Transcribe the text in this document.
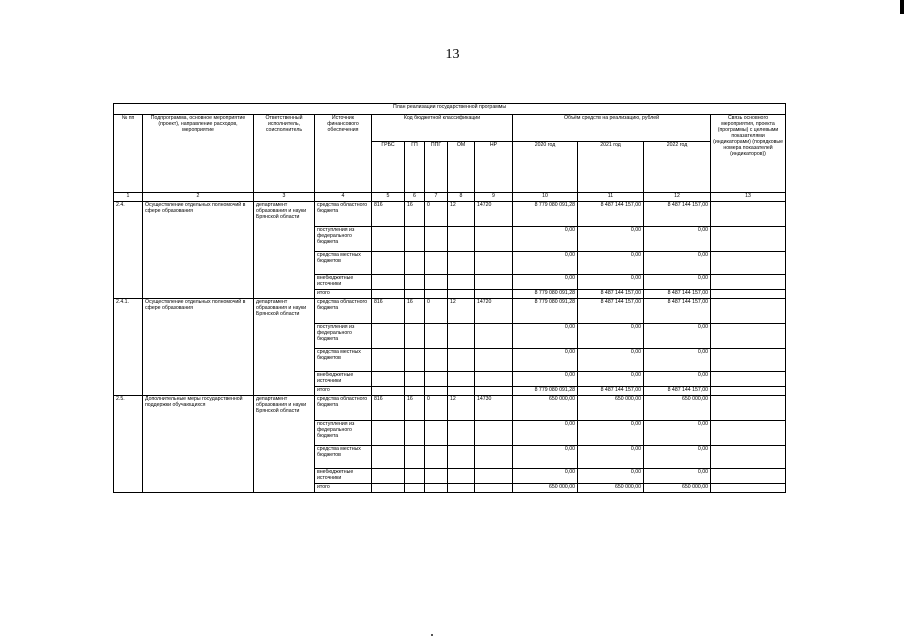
13
План реализации государственной программы												
№ пп	Подпрограмма, основное мероприятие (проект), направление расходов, мероприятие	Ответственный исполнитель, соисполнитель	Источник финансового обеспечения	Код бюджетной классификации					Объём средств на реализацию, рублей			Связь основного мероприятия, проекта (программы) с целевыми показателями (индикаторами) (порядковые номера показателей (индикаторов))
				ГРБС	ГП	ППГ	ОМ	НР	2020 год	2021 год	2022 год	
1	2	3	4	5	6	7	8	9	10	11	12	13
2.4.	Осуществление отдельных полномочий в сфере образования	департамент образования и науки Брянской области	средства областного бюджета	816	16	0	12	14720	8 779 080 091,28	8 487 144 157,00	8 487 144 157,00	
			поступления из федерального бюджета						0,00	0,00	0,00	
			средства местных бюджетов						0,00	0,00	0,00	
			внебюджетные источники						0,00	0,00	0,00	
			итого						8 779 080 091,28	8 487 144 157,00	8 487 144 157,00	
2.4.1.	Осуществление отдельных полномочий в сфере образования	департамент образования и науки Брянской области	средства областного бюджета	816	16	0	12	14720	8 779 080 091,28	8 487 144 157,00	8 487 144 157,00	
			поступления из федерального бюджета						0,00	0,00	0,00	
			средства местных бюджетов						0,00	0,00	0,00	
			внебюджетные источники						0,00	0,00	0,00	
			итого						8 779 080 091,28	8 487 144 157,00	8 487 144 157,00	
2.5.	Дополнительные меры государственной поддержки обучающихся	департамент образования и науки Брянской области	средства областного бюджета	816	16	0	12	14730	650 000,00	650 000,00	650 000,00	
			поступления из федерального бюджета						0,00	0,00	0,00	
			средства местных бюджетов						0,00	0,00	0,00	
			внебюджетные источники						0,00	0,00	0,00	
			итого						650 000,00	650 000,00	650 000,00	
